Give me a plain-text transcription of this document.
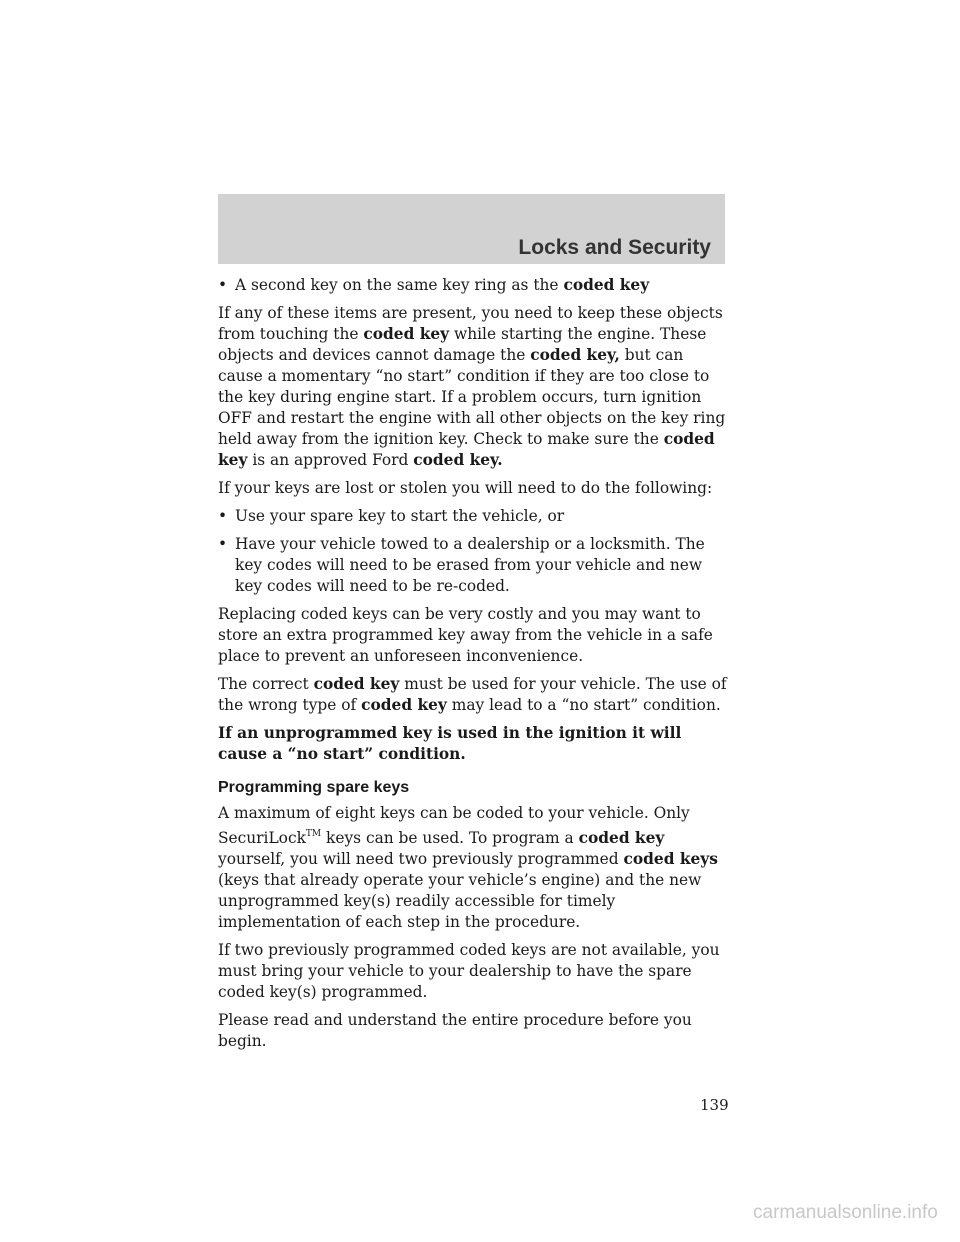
Locks and Security
• A second key on the same key ring as the coded key

If any of these items are present, you need to keep these objects from touching the coded key while starting the engine. These objects and devices cannot damage the coded key, but can cause a momentary “no start” condition if they are too close to the key during engine start. If a problem occurs, turn ignition OFF and restart the engine with all other objects on the key ring held away from the ignition key. Check to make sure the coded key is an approved Ford coded key.

If your keys are lost or stolen you will need to do the following:

• Use your spare key to start the vehicle, or
• Have your vehicle towed to a dealership or a locksmith. The key codes will need to be erased from your vehicle and new key codes will need to be re-coded.

Replacing coded keys can be very costly and you may want to store an extra programmed key away from the vehicle in a safe place to prevent an unforeseen inconvenience.

The correct coded key must be used for your vehicle. The use of the wrong type of coded key may lead to a “no start” condition.

If an unprogrammed key is used in the ignition it will cause a “no start” condition.

Programming spare keys

A maximum of eight keys can be coded to your vehicle. Only SecuriLock™ keys can be used. To program a coded key yourself, you will need two previously programmed coded keys (keys that already operate your vehicle’s engine) and the new unprogrammed key(s) readily accessible for timely implementation of each step in the procedure.

If two previously programmed coded keys are not available, you must bring your vehicle to your dealership to have the spare coded key(s) programmed.

Please read and understand the entire procedure before you begin.

139
carmanualsonline.info
